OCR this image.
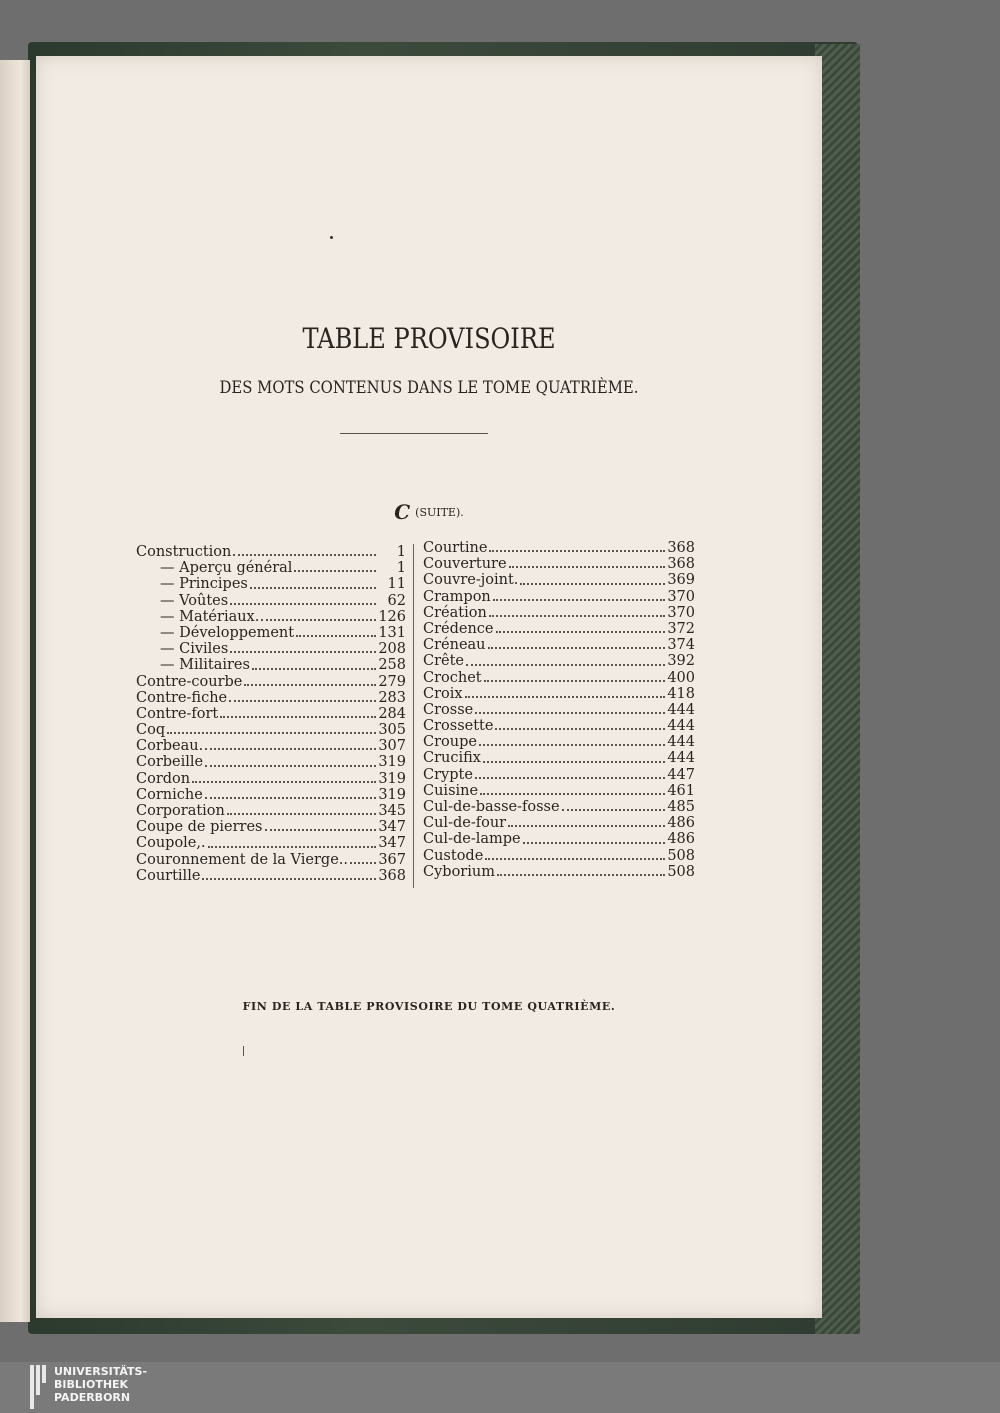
TABLE PROVISOIRE
DES MOTS CONTENUS DANS LE TOME QUATRIÈME.
C (SUITE).
Construction	1
— Aperçu général	1
— Principes	11
— Voûtes	62
— Matériaux.	126
— Développement	131
— Civiles	208
— Militaires	258
Contre-courbe	279
Contre-fiche	283
Contre-fort	284
Coq	305
Corbeau.	307
Corbeille	319
Cordon	319
Corniche	319
Corporation	345
Coupe de pierres	347
Coupole,.	347
Couronnement de la Vierge.. 367
Courtille	368
Courtine	368
Couverture	368
Couvre-joint.	369
Crampon	370
Création	370
Crédence	372
Créneau	374
Crête	392
Crochet	400
Croix	418
Crosse	444
Crossette	444
Croupe	444
Crucifix	444
Crypte	447
Cuisine	461
Cul-de-basse-fosse	485
Cul-de-four	486
Cul-de-lampe	486
Custode	508
Cyborium	508
FIN DE LA TABLE PROVISOIRE DU TOME QUATRIÈME.
UNIVERSITÄTS-
BIBLIOTHEK
PADERBORN
